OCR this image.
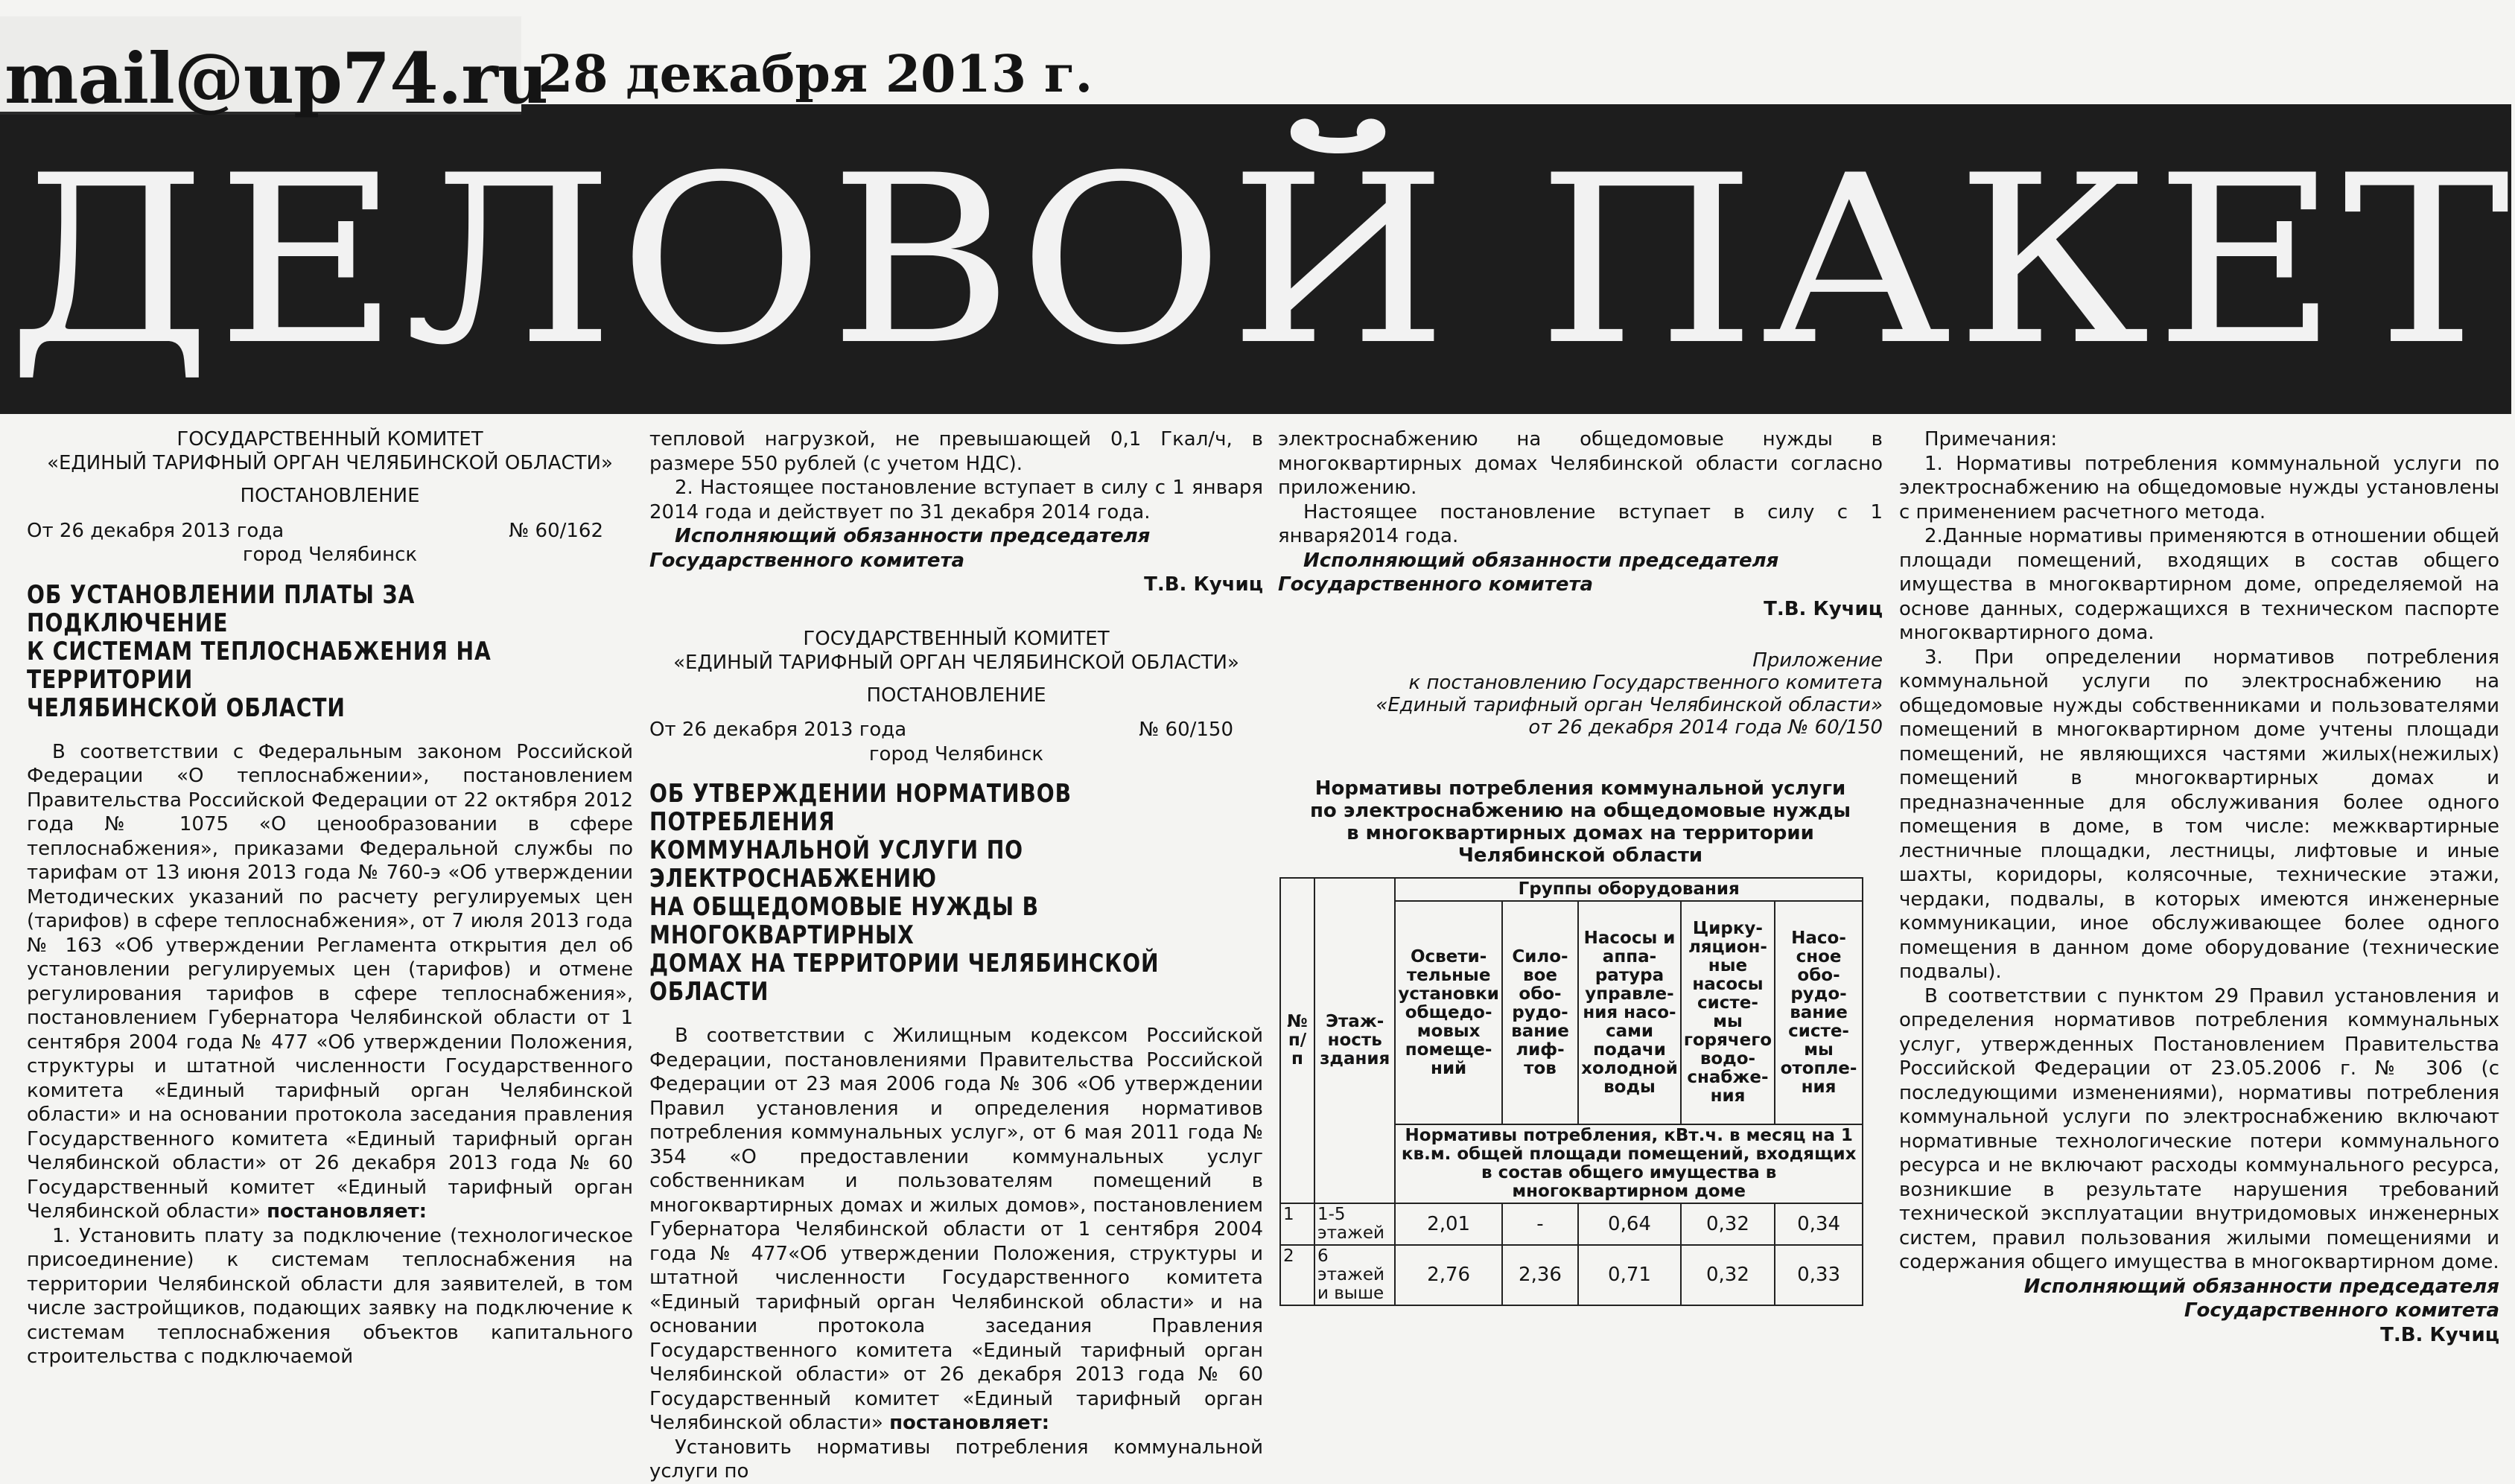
mail@up74.ru
28 декабря 2013 г.
ДЕЛОВОЙ ПАКЕТ
ГОСУДАРСТВЕННЫЙ КОМИТЕТ
«ЕДИНЫЙ ТАРИФНЫЙ ОРГАН ЧЕЛЯБИНСКОЙ ОБЛАСТИ»
ПОСТАНОВЛЕНИЕ
От 26 декабря 2013 года	№ 60/162
город Челябинск
ОБ УСТАНОВЛЕНИИ ПЛАТЫ ЗА ПОДКЛЮЧЕНИЕ
К СИСТЕМАМ ТЕПЛОСНАБЖЕНИЯ НА ТЕРРИТОРИИ
ЧЕЛЯБИНСКОЙ ОБЛАСТИ

В соответствии с Федеральным законом Российской Федерации «О теплоснабжении», постановлением Правительства Российской Федерации от 22 октября 2012 года № 1075 «О ценообразовании в сфере теплоснабжения», приказами Федеральной службы по тарифам от 13 июня 2013 года № 760-э «Об утверждении Методических указаний по расчету регулируемых цен (тарифов) в сфере теплоснабжения», от 7 июля 2013 года № 163 «Об утверждении Регламента открытия дел об установлении регулируемых цен (тарифов) и отмене регулирования тарифов в сфере теплоснабжения», постановлением Губернатора Челябинской области от 1 сентября 2004 года № 477 «Об утверждении Положения, структуры и штатной численности Государственного комитета «Единый тарифный орган Челябинской области» и на основании протокола заседания правления Государственного комитета «Единый тарифный орган Челябинской области» от 26 декабря 2013 года № 60 Государственный комитет «Единый тарифный орган Челябинской области» постановляет:

1. Установить плату за подключение (технологическое присоединение) к системам теплоснабжения на территории Челябинской области для заявителей, в том числе застройщиков, подающих заявку на подключение к системам теплоснабжения объектов капитального строительства с подключаемой

тепловой нагрузкой, не превышающей 0,1 Гкал/ч, в размере 550 рублей (с учетом НДС).

2. Настоящее постановление вступает в силу с 1 января 2014 года и действует по 31 декабря 2014 года.

Исполняющий обязанности председателя Государственного комитета

Т.В. Кучиц

ГОСУДАРСТВЕННЫЙ КОМИТЕТ
«ЕДИНЫЙ ТАРИФНЫЙ ОРГАН ЧЕЛЯБИНСКОЙ ОБЛАСТИ»
ПОСТАНОВЛЕНИЕ
От 26 декабря 2013 года	№ 60/150
город Челябинск
ОБ УТВЕРЖДЕНИИ НОРМАТИВОВ ПОТРЕБЛЕНИЯ
КОММУНАЛЬНОЙ УСЛУГИ ПО ЭЛЕКТРОСНАБЖЕНИЮ
НА ОБЩЕДОМОВЫЕ НУЖДЫ В МНОГОКВАРТИРНЫХ
ДОМАХ НА ТЕРРИТОРИИ ЧЕЛЯБИНСКОЙ ОБЛАСТИ

В соответствии с Жилищным кодексом Российской Федерации, постановлениями Правительства Российской Федерации от 23 мая 2006 года № 306 «Об утверждении Правил установления и определения нормативов потребления коммунальных услуг», от 6 мая 2011 года № 354 «О предоставлении коммунальных услуг собственникам и пользователям помещений в многоквартирных домах и жилых домов», постановлением Губернатора Челябинской области от 1 сентября 2004 года № 477«Об утверждении Положения, структуры и штатной численности Государственного комитета «Единый тарифный орган Челябинской области» и на основании протокола заседания Правления Государственного комитета «Единый тарифный орган Челябинской области» от 26 декабря 2013 года № 60 Государственный комитет «Единый тарифный орган Челябинской области» постановляет:

Установить нормативы потребления коммунальной услуги по

электроснабжению на общедомовые нужды в многоквартирных домах Челябинской области согласно приложению.

Настоящее постановление вступает в силу с 1 января2014 года.

Исполняющий обязанности председателя Государственного комитета

Т.В. Кучиц

Приложение
к постановлению Государственного комитета
«Единый тарифный орган Челябинской области»
от 26 декабря 2014 года № 60/150
Нормативы потребления коммунальной услуги
по электроснабжению на общедомовые нужды
в многоквартирных домах на территории
Челябинской области
№ п/п	Этаж-ность здания	Группы оборудования				
		Освети-тельные установки общедо-мовых помеще-ний	Сило-вое обо-рудо-вание лиф-тов	Насосы и аппа-ратура управле-ния насо-сами подачи холодной воды	Цирку-ляцион-ные насосы систе-мы горячего водо-снабже-ния	Насо-сное обо-рудо-вание систе-мы отопле-ния
		Нормативы потребления, кВт.ч. в месяц на 1 кв.м. общей площади помещений, входящих в состав общего имущества в многоквартирном доме				
1	1-5 этажей	2,01	-	0,64	0,32	0,34
2	6 этажей и выше	2,76	2,36	0,71	0,32	0,33

Примечания:

1. Нормативы потребления коммунальной услуги по электроснабжению на общедомовые нужды установлены с применением расчетного метода.

2.Данные нормативы применяются в отношении общей площади помещений, входящих в состав общего имущества в многоквартирном доме, определяемой на основе данных, содержащихся в техническом паспорте многоквартирного дома.

3. При определении нормативов потребления коммунальной услуги по электроснабжению на общедомовые нужды собственниками и пользователями помещений в многоквартирном доме учтены площади помещений, не являющихся частями жилых(нежилых) помещений в многоквартирных домах и предназначенные для обслуживания более одного помещения в доме, в том числе: межквартирные лестничные площадки, лестницы, лифтовые и иные шахты, коридоры, колясочные, технические этажи, чердаки, подвалы, в которых имеются инженерные коммуникации, иное обслуживающее более одного помещения в данном доме оборудование (технические подвалы).

В соответствии с пунктом 29 Правил установления и определения нормативов потребления коммунальных услуг, утвержденных Постановлением Правительства Российской Федерации от 23.05.2006 г. № 306 (с последующими изменениями), нормативы потребления коммунальной услуги по электроснабжению включают нормативные технологические потери коммунального ресурса и не включают расходы коммунального ресурса, возникшие в результате нарушения требований технической эксплуатации внутридомовых инженерных систем, правил пользования жилыми помещениями и содержания общего имущества в многоквартирном доме.

Исполняющий обязанности председателя

Государственного комитета

Т.В. Кучиц
